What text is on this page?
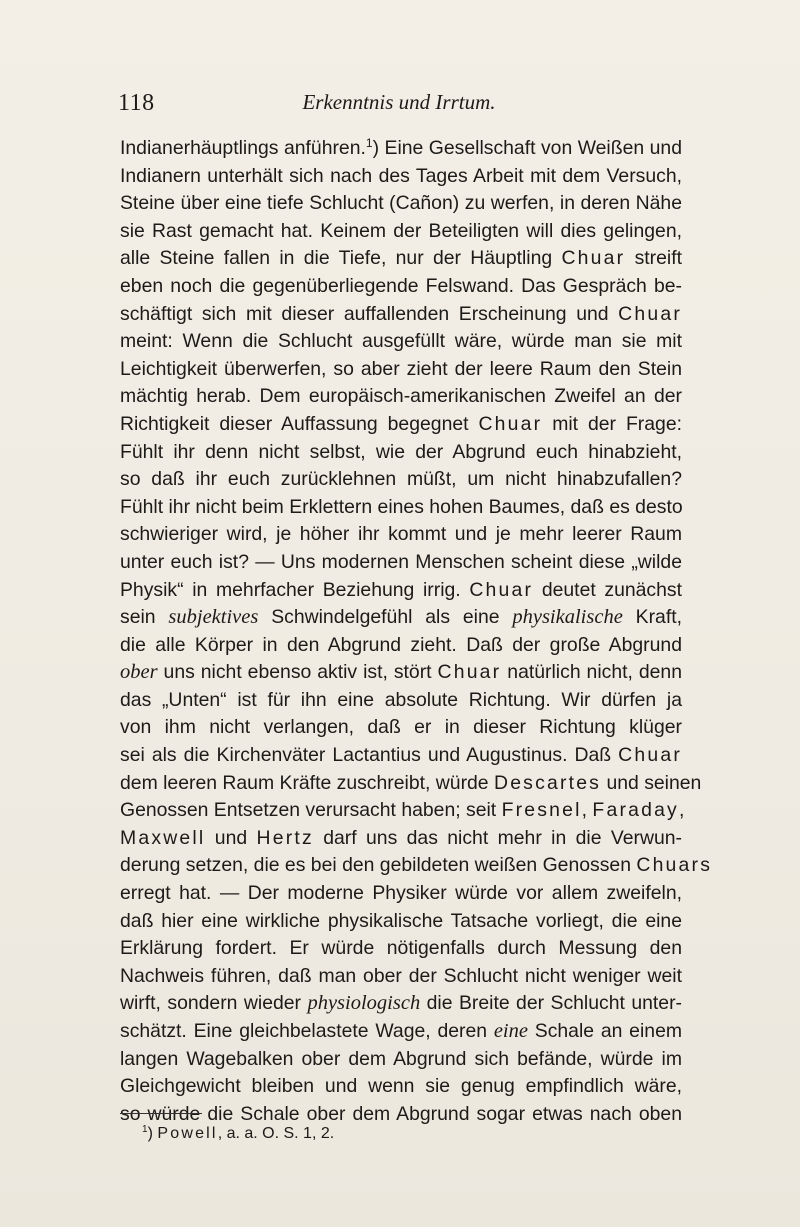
118	Erkenntnis und Irrtum.
Indianerhäuptlings anführen.$^1$) Eine Gesellschaft von Weißen und
Indianern unterhält sich nach des Tages Arbeit mit dem Versuch,
Steine über eine tiefe Schlucht (Cañon) zu werfen, in deren Nähe
sie Rast gemacht hat. Keinem der Beteiligten will dies gelingen,
alle Steine fallen in die Tiefe, nur der Häuptling Chuar streift
eben noch die gegenüberliegende Felswand. Das Gespräch be-
schäftigt sich mit dieser auffallenden Erscheinung und Chuar
meint: Wenn die Schlucht ausgefüllt wäre, würde man sie mit
Leichtigkeit überwerfen, so aber zieht der leere Raum den Stein
mächtig herab. Dem europäisch-amerikanischen Zweifel an der
Richtigkeit dieser Auffassung begegnet Chuar mit der Frage:
Fühlt ihr denn nicht selbst, wie der Abgrund euch hinabzieht,
so daß ihr euch zurücklehnen müßt, um nicht hinabzufallen?
Fühlt ihr nicht beim Erklettern eines hohen Baumes, daß es desto
schwieriger wird, je höher ihr kommt und je mehr leerer Raum
unter euch ist? — Uns modernen Menschen scheint diese „wilde
Physik“ in mehrfacher Beziehung irrig. Chuar deutet zunächst
sein subjektives Schwindelgefühl als eine physikalische Kraft,
die alle Körper in den Abgrund zieht. Daß der große Abgrund
ober uns nicht ebenso aktiv ist, stört Chuar natürlich nicht, denn
das „Unten“ ist für ihn eine absolute Richtung. Wir dürfen ja
von ihm nicht verlangen, daß er in dieser Richtung klüger
sei als die Kirchenväter Lactantius und Augustinus. Daß Chuar
dem leeren Raum Kräfte zuschreibt, würde Descartes und seinen
Genossen Entsetzen verursacht haben; seit Fresnel, Faraday,
Maxwell und Hertz darf uns das nicht mehr in die Verwun-
derung setzen, die es bei den gebildeten weißen Genossen Chuars
erregt hat. — Der moderne Physiker würde vor allem zweifeln,
daß hier eine wirkliche physikalische Tatsache vorliegt, die eine
Erklärung fordert. Er würde nötigenfalls durch Messung den
Nachweis führen, daß man ober der Schlucht nicht weniger weit
wirft, sondern wieder physiologisch die Breite der Schlucht unter-
schätzt. Eine gleichbelastete Wage, deren eine Schale an einem
langen Wagebalken ober dem Abgrund sich befände, würde im
Gleichgewicht bleiben und wenn sie genug empfindlich wäre,
so würde die Schale ober dem Abgrund sogar etwas nach oben
$^1$) Powell, a. a. O. S. 1, 2.
